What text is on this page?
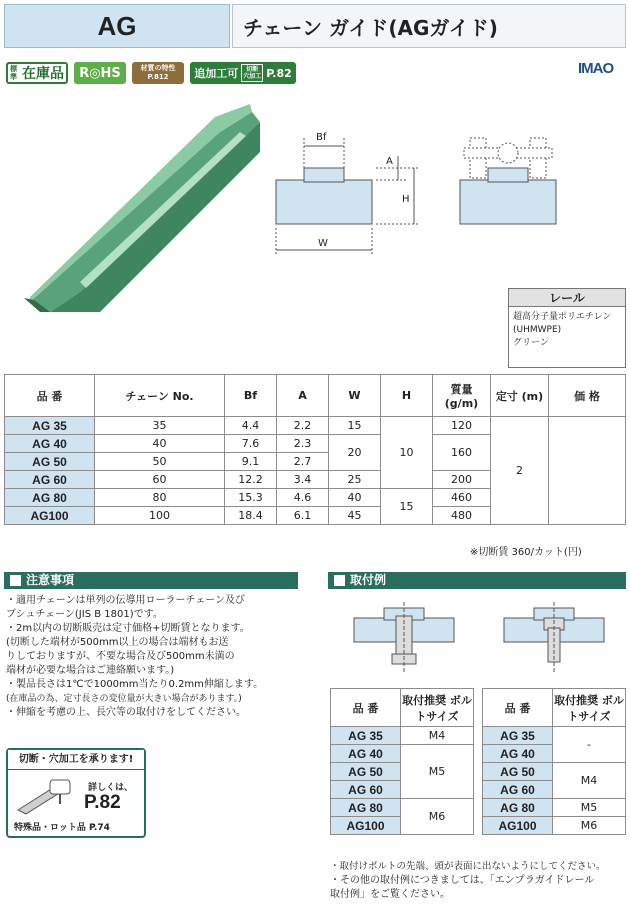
AG	チェーン ガイド(AGガイド)
標準 在庫品	R◎HS	材質の特性
P.812 追加工可	切断 穴加工 P.82	IMAO
Bf
A
H
W
レール
超高分子量ポリエチレン
(UHMWPE)
グリーン
品 番	チェーン No.	Bf	A	W	H	質量 (g/m)	定寸 (m)	価 格
AG 35	35	4.4	2.2	15	10	120	2	
AG 40	40	7.6	2.3	20		160		
AG 50	50	9.1	2.7					
AG 60	60	12.2	3.4	25		200		
AG 80	80	15.3	4.6	40	15	460		
AG100	100	18.4	6.1	45		480		
※切断賃 360/カット(円)
注意事項

・適用チェーンは単列の伝導用ローラーチェーン及び

ブシュチェーン(JIS B 1801)です。

・2m以内の切断販売は定寸価格+切断賃となります。

(切断した端材が500mm以上の場合は端材もお送

りしておりますが、不要な場合及び500mm未満の

端材が必要な場合はご連絡願います。)

・製品長さは1℃で1000mm当たり0.2mm伸縮します。

(在庫品の為、定寸長さの変位量が大きい場合があります。)

・伸縮を考慮の上、長穴等の取付けをしてください。

切断・穴加工を承ります!
詳しくは、
P.82
特殊品・ロット品 P.74
取付例
品 番	取付推奨 ボルトサイズ
AG 35	M4
AG 40	M5
AG 50	
AG 60	
AG 80	M6
AG100	
品 番	取付推奨 ボルトサイズ
AG 35	-
AG 40	
AG 50	M4
AG 60	
AG 80	M5
AG100	M6
・取付けボルトの先端、頭が表面に出ないようにしてください。
・その他の取付例につきましては、「エンプラガイドレール
取付例」をご覧ください。
